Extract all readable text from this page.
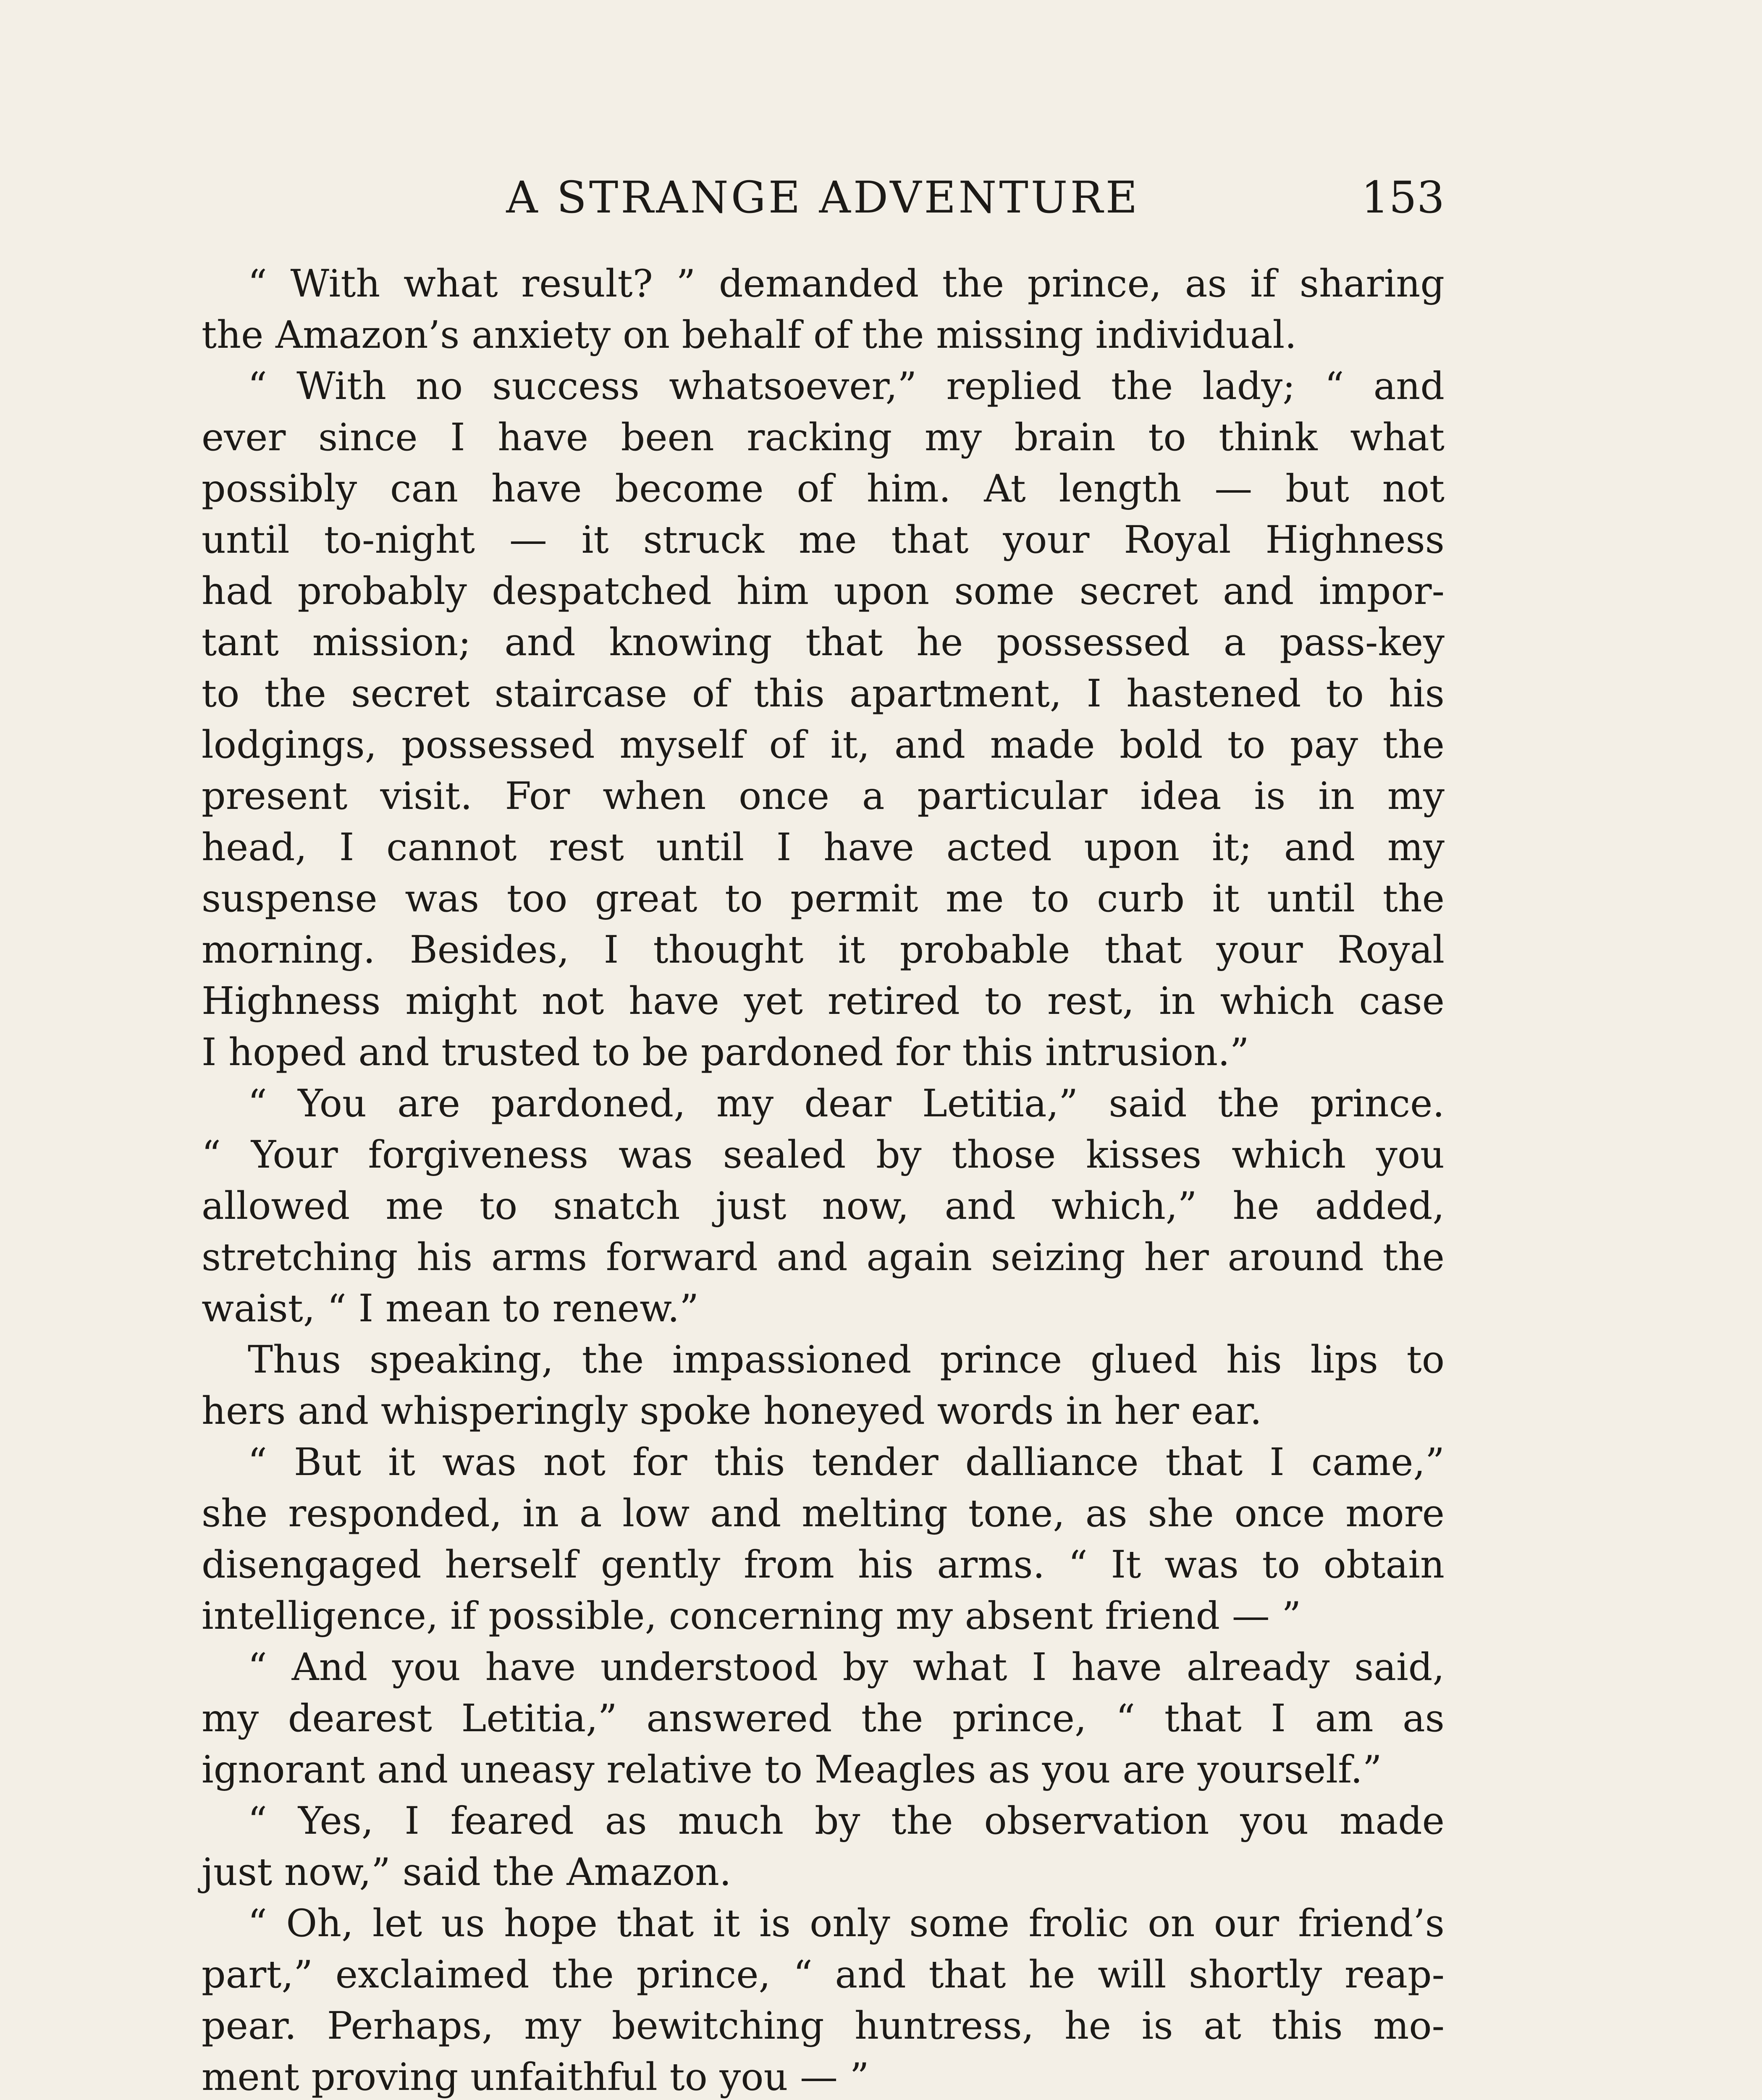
A STRANGE ADVENTURE	153
“ With what result? ” demanded the prince, as if sharing
the Amazon’s anxiety on behalf of the missing individual.
“ With no success whatsoever,” replied the lady; “ and
ever since I have been racking my brain to think what
possibly can have become of him. At length — but not
until to-night — it struck me that your Royal Highness
had probably despatched him upon some secret and impor-
tant mission; and knowing that he possessed a pass-key
to the secret staircase of this apartment, I hastened to his
lodgings, possessed myself of it, and made bold to pay the
present visit. For when once a particular idea is in my
head, I cannot rest until I have acted upon it; and my
suspense was too great to permit me to curb it until the
morning. Besides, I thought it probable that your Royal
Highness might not have yet retired to rest, in which case
I hoped and trusted to be pardoned for this intrusion.”
“ You are pardoned, my dear Letitia,” said the prince.
“ Your forgiveness was sealed by those kisses which you
allowed me to snatch just now, and which,” he added,
stretching his arms forward and again seizing her around the
waist, “ I mean to renew.”
Thus speaking, the impassioned prince glued his lips to
hers and whisperingly spoke honeyed words in her ear.
“ But it was not for this tender dalliance that I came,”
she responded, in a low and melting tone, as she once more
disengaged herself gently from his arms. “ It was to obtain
intelligence, if possible, concerning my absent friend — ”
“ And you have understood by what I have already said,
my dearest Letitia,” answered the prince, “ that I am as
ignorant and uneasy relative to Meagles as you are yourself.”
“ Yes, I feared as much by the observation you made
just now,” said the Amazon.
“ Oh, let us hope that it is only some frolic on our friend’s
part,” exclaimed the prince, “ and that he will shortly reap-
pear. Perhaps, my bewitching huntress, he is at this mo-
ment proving unfaithful to you — ”
